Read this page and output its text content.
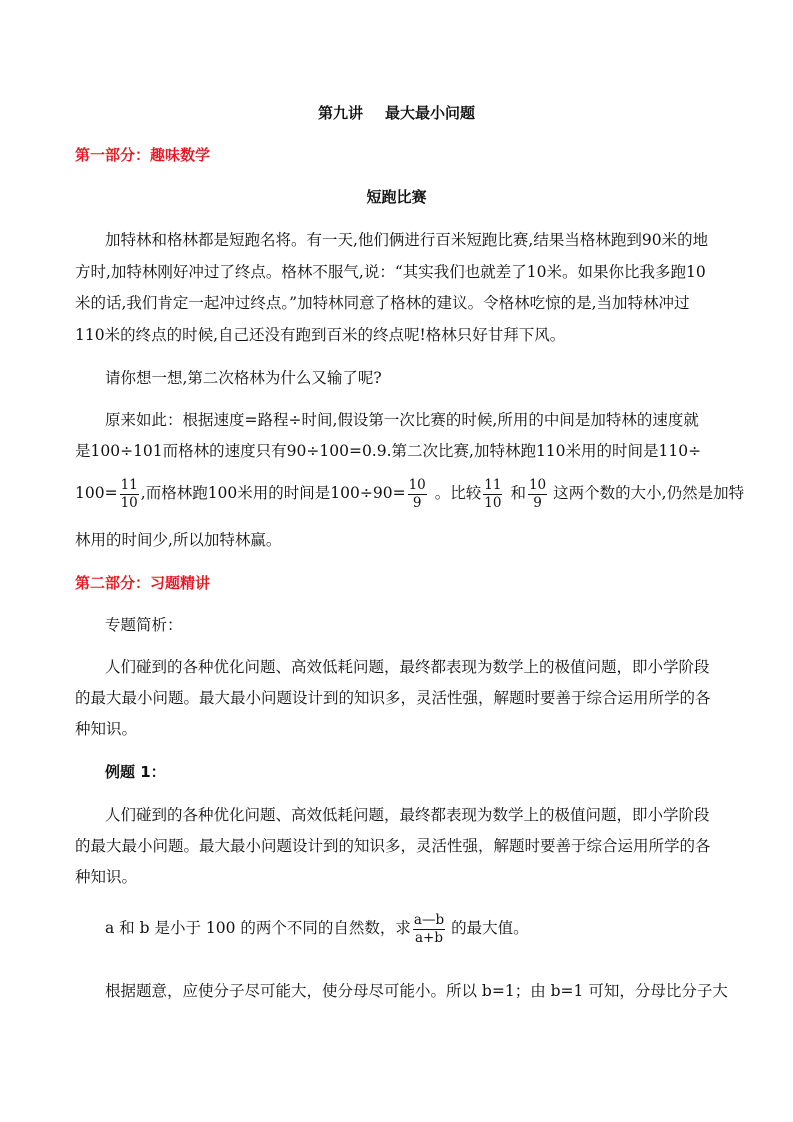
第九讲 最大最小问题
第一部分：趣味数学
短跑比赛
加特林和格林都是短跑名将。有一天,他们俩进行百米短跑比赛,结果当格林跑到90米的地
方时,加特林刚好冲过了终点。格林不服气,说：“其实我们也就差了10米。如果你比我多跑10
米的话,我们肯定一起冲过终点。”加特林同意了格林的建议。令格林吃惊的是,当加特林冲过
110米的终点的时候,自己还没有跑到百米的终点呢!格林只好甘拜下风。
请你想一想,第二次格林为什么又输了呢?
原来如此：根据速度=路程÷时间,假设第一次比赛的时候,所用的中间是加特林的速度就
是100÷101而格林的速度只有90÷100=0.9.第二次比赛,加特林跑110米用的时间是110÷
$100= \frac{11}{10}$ ,而格林跑100米用的时间是$100\div 90= \frac{10}{9}$ 。比较 $\frac{11}{10}$ 和 $\frac{10}{9}$ 这两个数的大小,仍然是加特
林用的时间少,所以加特林赢。
第二部分：习题精讲
专题简析：
人们碰到的各种优化问题、高效低耗问题，最终都表现为数学上的极值问题，即小学阶段
的最大最小问题。最大最小问题设计到的知识多，灵活性强，解题时要善于综合运用所学的各
种知识。
例题 1：
人们碰到的各种优化问题、高效低耗问题，最终都表现为数学上的极值问题，即小学阶段
的最大最小问题。最大最小问题设计到的知识多，灵活性强，解题时要善于综合运用所学的各
种知识。
a 和 b 是小于 100 的两个不同的自然数，求 $\frac{a—b}{a+b}$ 的最大值。
根据题意，应使分子尽可能大，使分母尽可能小。所以 b=1；由 b=1 可知，分母比分子大
